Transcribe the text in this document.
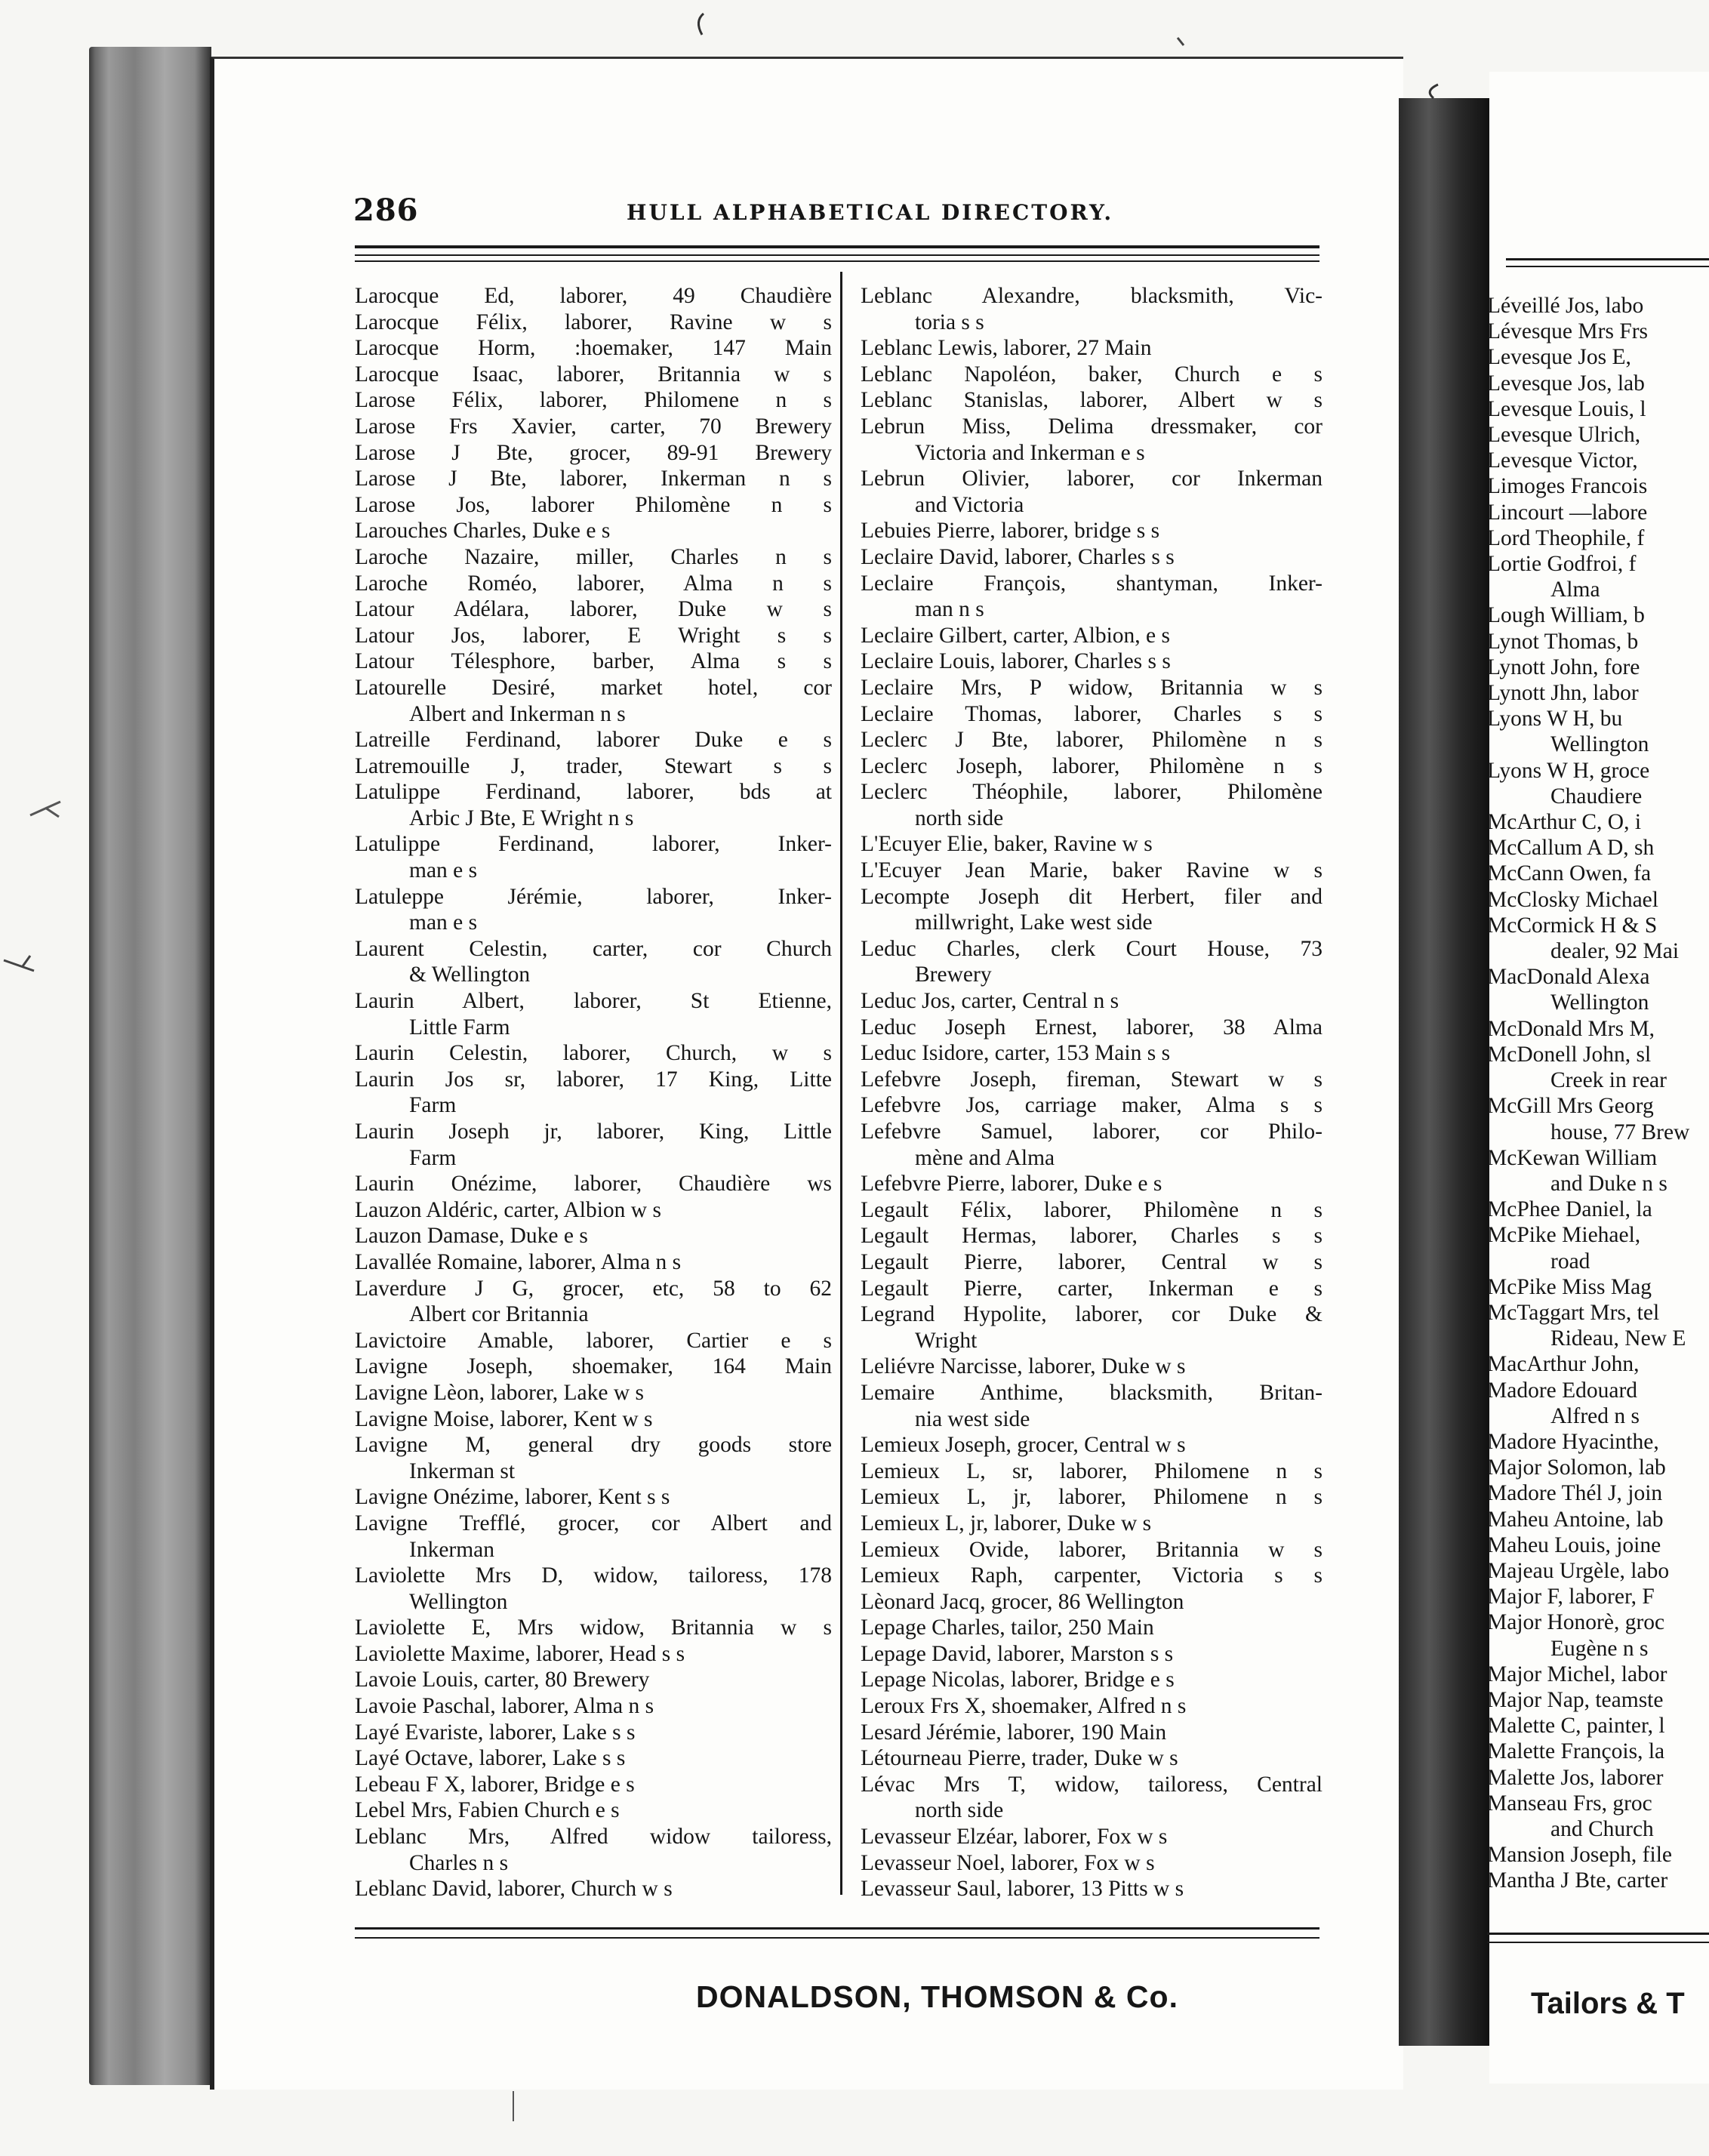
286	HULL ALPHABETICAL DIRECTORY.
Larocque Ed, laborer, 49 Chaudière
Larocque Félix, laborer, Ravine w s
Larocque Horm, :hoemaker, 147 Main
Larocque Isaac, laborer, Britannia w s
Larose Félix, laborer, Philomene n s
Larose Frs Xavier, carter, 70 Brewery
Larose J Bte, grocer, 89-91 Brewery
Larose J Bte, laborer, Inkerman n s
Larose Jos, laborer Philomène n s
Larouches Charles, Duke e s
Laroche Nazaire, miller, Charles n s
Laroche Roméo, laborer, Alma n s
Latour Adélara, laborer, Duke w s
Latour Jos, laborer, E Wright s s
Latour Télesphore, barber, Alma s s
Latourelle Desiré, market hotel, cor
Albert and Inkerman n s
Latreille Ferdinand, laborer Duke e s
Latremouille J, trader, Stewart s s
Latulippe Ferdinand, laborer, bds at
Arbic J Bte, E Wright n s
Latulippe Ferdinand, laborer, Inker-
man e s
Latuleppe Jérémie, laborer, Inker-
man e s
Laurent Celestin, carter, cor Church
& Wellington
Laurin Albert, laborer, St Etienne,
Little Farm
Laurin Celestin, laborer, Church, w s
Laurin Jos sr, laborer, 17 King, Litte
Farm
Laurin Joseph jr, laborer, King, Little
Farm
Laurin Onézime, laborer, Chaudière ws
Lauzon Aldéric, carter, Albion w s
Lauzon Damase, Duke e s
Lavallée Romaine, laborer, Alma n s
Laverdure J G, grocer, etc, 58 to 62
Albert cor Britannia
Lavictoire Amable, laborer, Cartier e s
Lavigne Joseph, shoemaker, 164 Main
Lavigne Lèon, laborer, Lake w s
Lavigne Moise, laborer, Kent w s
Lavigne M, general dry goods store
Inkerman st
Lavigne Onézime, laborer, Kent s s
Lavigne Trefflé, grocer, cor Albert and
Inkerman
Laviolette Mrs D, widow, tailoress, 178
Wellington
Laviolette E, Mrs widow, Britannia w s
Laviolette Maxime, laborer, Head s s
Lavoie Louis, carter, 80 Brewery
Lavoie Paschal, laborer, Alma n s
Layé Evariste, laborer, Lake s s
Layé Octave, laborer, Lake s s
Lebeau F X, laborer, Bridge e s
Lebel Mrs, Fabien Church e s
Leblanc Mrs, Alfred widow tailoress,
Charles n s
Leblanc David, laborer, Church w s
Leblanc Alexandre, blacksmith, Vic-
toria s s
Leblanc Lewis, laborer, 27 Main
Leblanc Napoléon, baker, Church e s
Leblanc Stanislas, laborer, Albert w s
Lebrun Miss, Delima dressmaker, cor
Victoria and Inkerman e s
Lebrun Olivier, laborer, cor Inkerman
and Victoria
Lebuies Pierre, laborer, bridge s s
Leclaire David, laborer, Charles s s
Leclaire François, shantyman, Inker-
man n s
Leclaire Gilbert, carter, Albion, e s
Leclaire Louis, laborer, Charles s s
Leclaire Mrs, P widow, Britannia w s
Leclaire Thomas, laborer, Charles s s
Leclerc J Bte, laborer, Philomène n s
Leclerc Joseph, laborer, Philomène n s
Leclerc Théophile, laborer, Philomène
north side
L'Ecuyer Elie, baker, Ravine w s
L'Ecuyer Jean Marie, baker Ravine w s
Lecompte Joseph dit Herbert, filer and
millwright, Lake west side
Leduc Charles, clerk Court House, 73
Brewery
Leduc Jos, carter, Central n s
Leduc Joseph Ernest, laborer, 38 Alma
Leduc Isidore, carter, 153 Main s s
Lefebvre Joseph, fireman, Stewart w s
Lefebvre Jos, carriage maker, Alma s s
Lefebvre Samuel, laborer, cor Philo-
mène and Alma
Lefebvre Pierre, laborer, Duke e s
Legault Félix, laborer, Philomène n s
Legault Hermas, laborer, Charles s s
Legault Pierre, laborer, Central w s
Legault Pierre, carter, Inkerman e s
Legrand Hypolite, laborer, cor Duke &
Wright
Leliévre Narcisse, laborer, Duke w s
Lemaire Anthime, blacksmith, Britan-
nia west side
Lemieux Joseph, grocer, Central w s
Lemieux L, sr, laborer, Philomene n s
Lemieux L, jr, laborer, Philomene n s
Lemieux L, jr, laborer, Duke w s
Lemieux Ovide, laborer, Britannia w s
Lemieux Raph, carpenter, Victoria s s
Lèonard Jacq, grocer, 86 Wellington
Lepage Charles, tailor, 250 Main
Lepage David, laborer, Marston s s
Lepage Nicolas, laborer, Bridge e s
Leroux Frs X, shoemaker, Alfred n s
Lesard Jérémie, laborer, 190 Main
Létourneau Pierre, trader, Duke w s
Lévac Mrs T, widow, tailoress, Central
north side
Levasseur Elzéar, laborer, Fox w s
Levasseur Noel, laborer, Fox w s
Levasseur Saul, laborer, 13 Pitts w s
Léveillé Jos, labo
Lévesque Mrs Frs
Levesque Jos E,
Levesque Jos, lab
Levesque Louis, l
Levesque Ulrich,
Levesque Victor,
Limoges Francois
Lincourt —labore
Lord Theophile, f
Lortie Godfroi, f
Alma
Lough William, b
Lynot Thomas, b
Lynott John, fore
Lynott Jhn, labor
Lyons W H, bu
Wellington
Lyons W H, groce
Chaudiere
McArthur C, O, i
McCallum A D, sh
McCann Owen, fa
McClosky Michael
McCormick H & S
dealer, 92 Mai
MacDonald Alexa
Wellington
McDonald Mrs M,
McDonell John, sl
Creek in rear
McGill Mrs Georg
house, 77 Brew
McKewan William
and Duke n s
McPhee Daniel, la
McPike Miehael,
road
McPike Miss Mag
McTaggart Mrs, tel
Rideau, New E
MacArthur John,
Madore Edouard
Alfred n s
Madore Hyacinthe,
Major Solomon, lab
Madore Thél J, join
Maheu Antoine, lab
Maheu Louis, joine
Majeau Urgèle, labo
Major F, laborer, F
Major Honorè, groc
Eugène n s
Major Michel, labor
Major Nap, teamste
Malette C, painter, l
Malette François, la
Malette Jos, laborer
Manseau Frs, groc
and Church
Mansion Joseph, file
Mantha J Bte, carter
DONALDSON, THOMSON & Co.	Tailors & T
